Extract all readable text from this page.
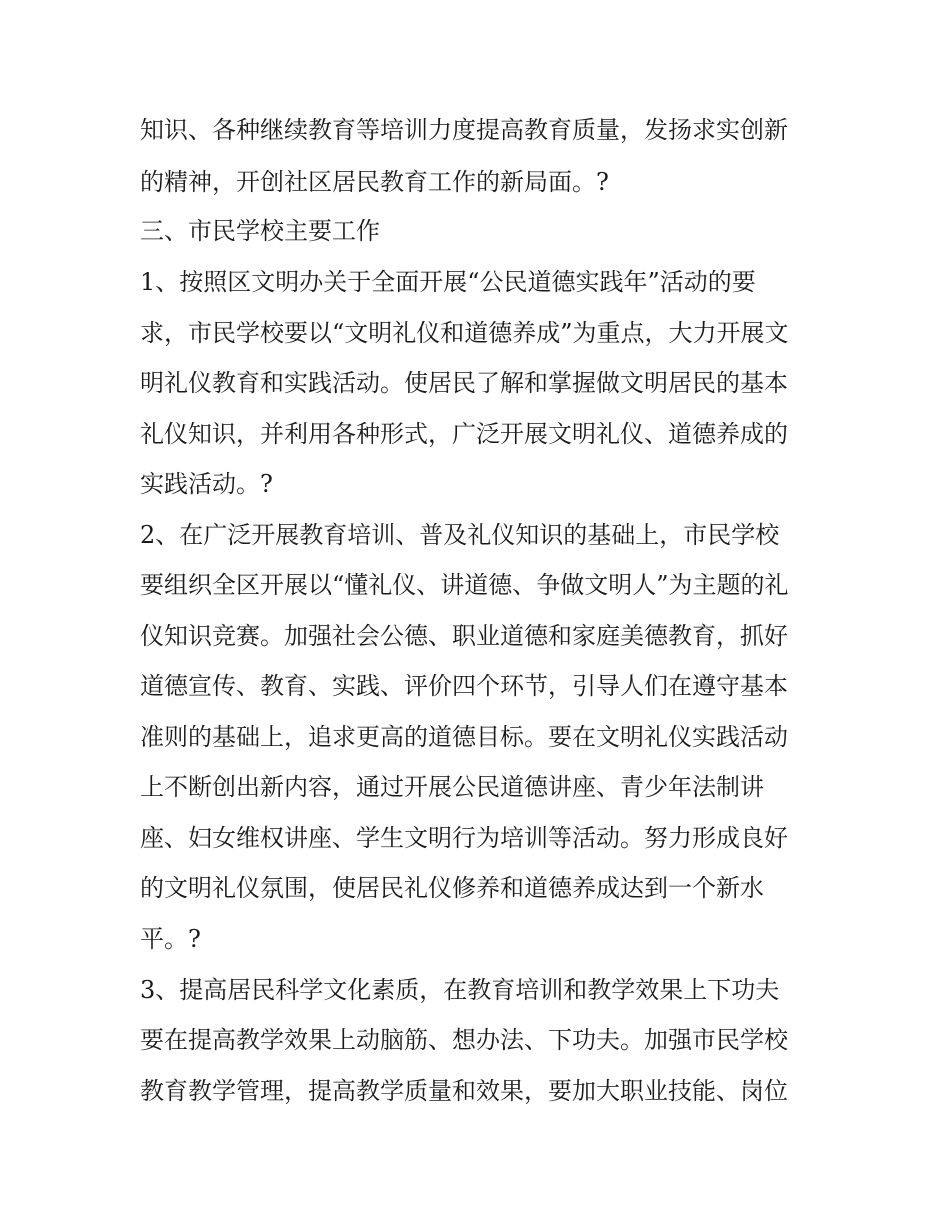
知识、各种继续教育等培训力度提高教育质量，发扬求实创新
的精神，开创社区居民教育工作的新局面。?
三、市民学校主要工作
1、按照区文明办关于全面开展“公民道德实践年”活动的要
求，市民学校要以“文明礼仪和道德养成”为重点，大力开展文
明礼仪教育和实践活动。使居民了解和掌握做文明居民的基本
礼仪知识，并利用各种形式，广泛开展文明礼仪、道德养成的
实践活动。?
2、在广泛开展教育培训、普及礼仪知识的基础上，市民学校
要组织全区开展以“懂礼仪、讲道德、争做文明人”为主题的礼
仪知识竞赛。加强社会公德、职业道德和家庭美德教育，抓好
道德宣传、教育、实践、评价四个环节，引导人们在遵守基本
准则的基础上，追求更高的道德目标。要在文明礼仪实践活动
上不断创出新内容，通过开展公民道德讲座、青少年法制讲
座、妇女维权讲座、学生文明行为培训等活动。努力形成良好
的文明礼仪氛围，使居民礼仪修养和道德养成达到一个新水
平。?
3、提高居民科学文化素质，在教育培训和教学效果上下功夫
要在提高教学效果上动脑筋、想办法、下功夫。加强市民学校
教育教学管理，提高教学质量和效果，要加大职业技能、岗位
